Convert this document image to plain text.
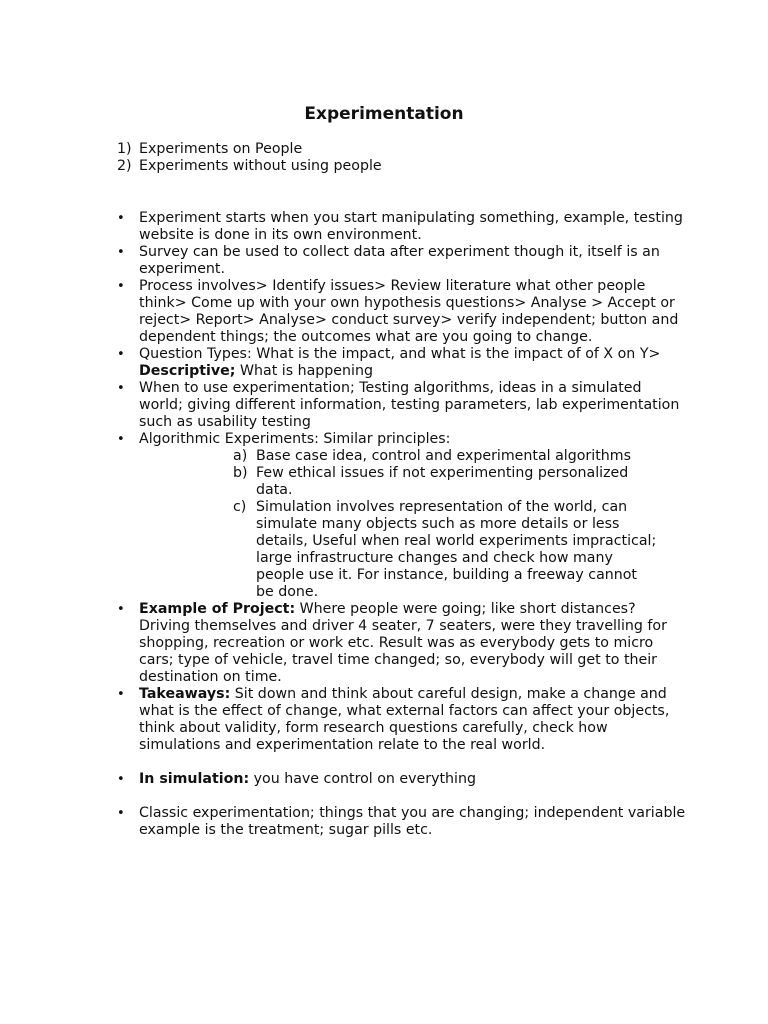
Experimentation
1) Experiments on People
2) Experiments without using people
•	Experiment starts when you start manipulating something, example, testing website is done in its own environment.
•	Survey can be used to collect data after experiment though it, itself is an experiment.
•	Process involves> Identify issues> Review literature what other people think> Come up with your own hypothesis questions> Analyse > Accept or reject> Report> Analyse> conduct survey> verify independent; button and dependent things; the outcomes what are you going to change.
•	Question Types: What is the impact, and what is the impact of of X on Y> Descriptive; What is happening
•	When to use experimentation; Testing algorithms, ideas in a simulated world; giving different information, testing parameters, lab experimentation such as usability testing
•	Algorithmic Experiments: Similar principles:
a) Base case idea, control and experimental algorithms
b) Few ethical issues if not experimenting personalized data.
c) Simulation involves representation of the world, can simulate many objects such as more details or less details, Useful when real world experiments impractical; large infrastructure changes and check how many people use it. For instance, building a freeway cannot be done.
•	Example of Project: Where people were going; like short distances? Driving themselves and driver 4 seater, 7 seaters, were they travelling for shopping, recreation or work etc. Result was as everybody gets to micro cars; type of vehicle, travel time changed; so, everybody will get to their destination on time.
•	Takeaways: Sit down and think about careful design, make a change and what is the effect of change, what external factors can affect your objects, think about validity, form research questions carefully, check how simulations and experimentation relate to the real world.
•	In simulation: you have control on everything
•	Classic experimentation; things that you are changing; independent variable example is the treatment; sugar pills etc.
